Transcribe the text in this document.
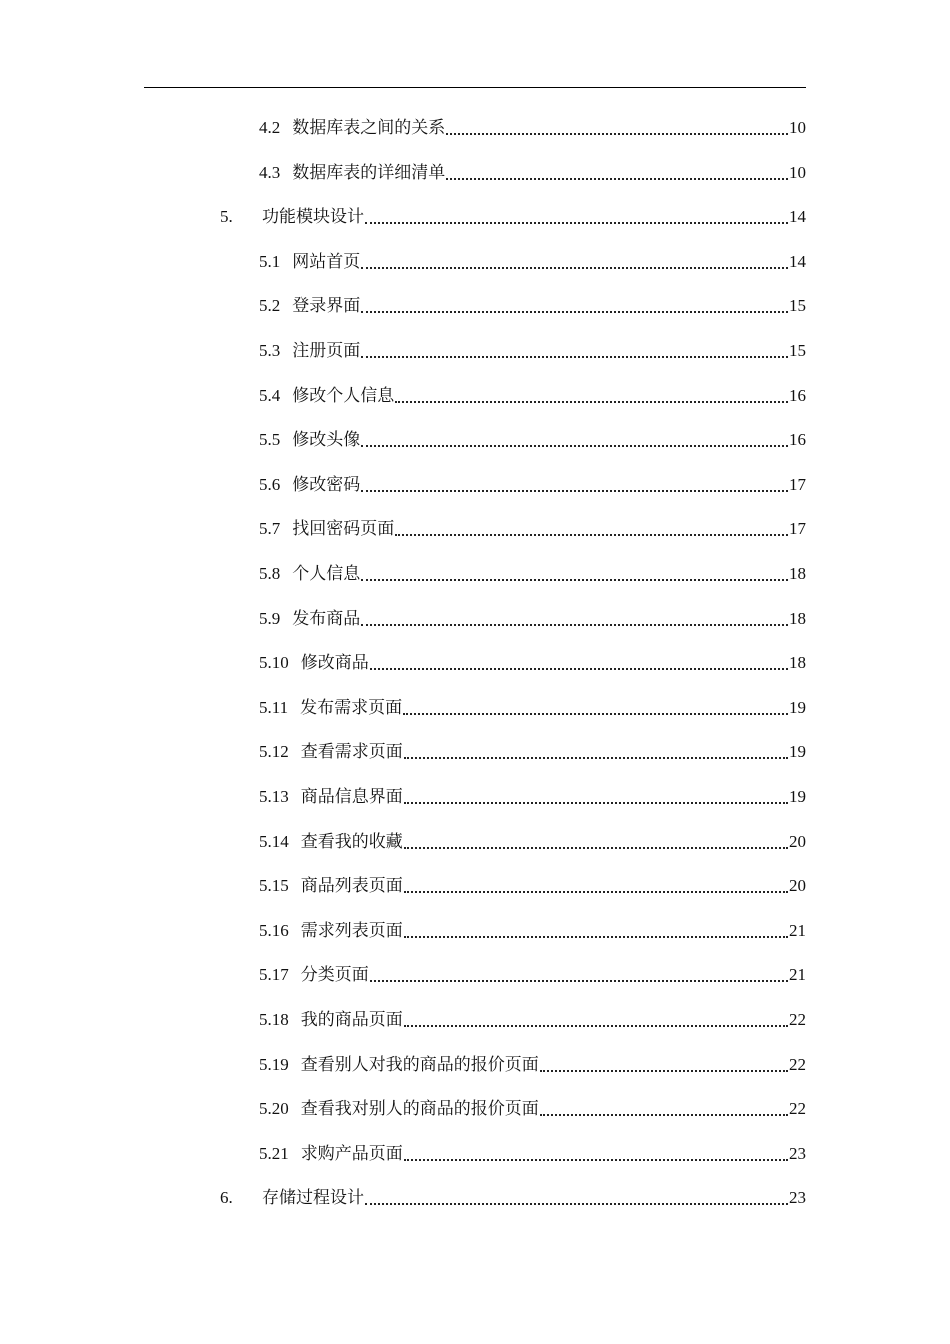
4.2 数据库表之间的关系	10
4.3 数据库表的详细清单	10
5.	功能模块设计	14
5.1 网站首页	14
5.2 登录界面	15
5.3 注册页面	15
5.4 修改个人信息	16
5.5 修改头像	16
5.6 修改密码	17
5.7 找回密码页面	17
5.8 个人信息	18
5.9 发布商品	18
5.10 修改商品	18
5.11 发布需求页面	19
5.12 查看需求页面	19
5.13 商品信息界面	19
5.14 查看我的收藏	20
5.15 商品列表页面	20
5.16 需求列表页面	21
5.17 分类页面	21
5.18 我的商品页面	22
5.19 查看别人对我的商品的报价页面	22
5.20 查看我对别人的商品的报价页面	22
5.21 求购产品页面	23
6.	存储过程设计	23
